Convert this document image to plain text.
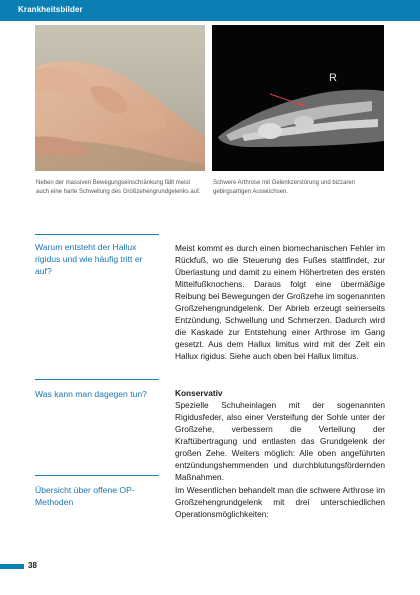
Krankheitsbilder
R
Neben der massiven Bewegungseinschränkung fällt meist auch eine harte Schwellung des Großzehengrundgelenks auf.
Schwere Arthrose mit Gelenkzerstörung und bizzaren gebirgsartigen Auswüchsen.
Warum entsteht der Hallux rigidus und wie häufig tritt er auf?

Meist kommt es durch einen biomechanischen Fehler im Rückfuß, wo die Steuerung des Fußes stattfindet, zur Überlastung und damit zu einem Höhertreten des ersten Mittelfußknochens. Daraus folgt eine übermäßige Reibung bei Bewegungen der Großzehe im sogenannten Großzehengrundgelenk. Der Abrieb erzeugt seinerseits Entzündung, Schwellung und Schmerzen. Dadurch wird die Kaskade zur Entstehung einer Arthrose im Gang gesetzt. Aus dem Hallux limitus wird mit der Zeit ein Hallux rigidus. Siehe auch oben bei Hallux limitus.

Was kann man dagegen tun?	Konservativ

Spezielle Schuheinlagen mit der sogenannten Rigidusfeder, also einer Versteifung der Sohle unter der Großzehe, verbessern die Verteilung der Kraftübertragung und entlasten das Grundgelenk der großen Zehe. Weiters möglich: Alle oben angeführten entzündungshemmenden und durchblutungsfördernden Maßnahmen.

Übersicht über offene OP-Methoden

Im Wesentlichen behandelt man die schwere Arthrose im Großzehengrundgelenk mit drei unterschiedlichen Operationsmöglichkeiten:

38
